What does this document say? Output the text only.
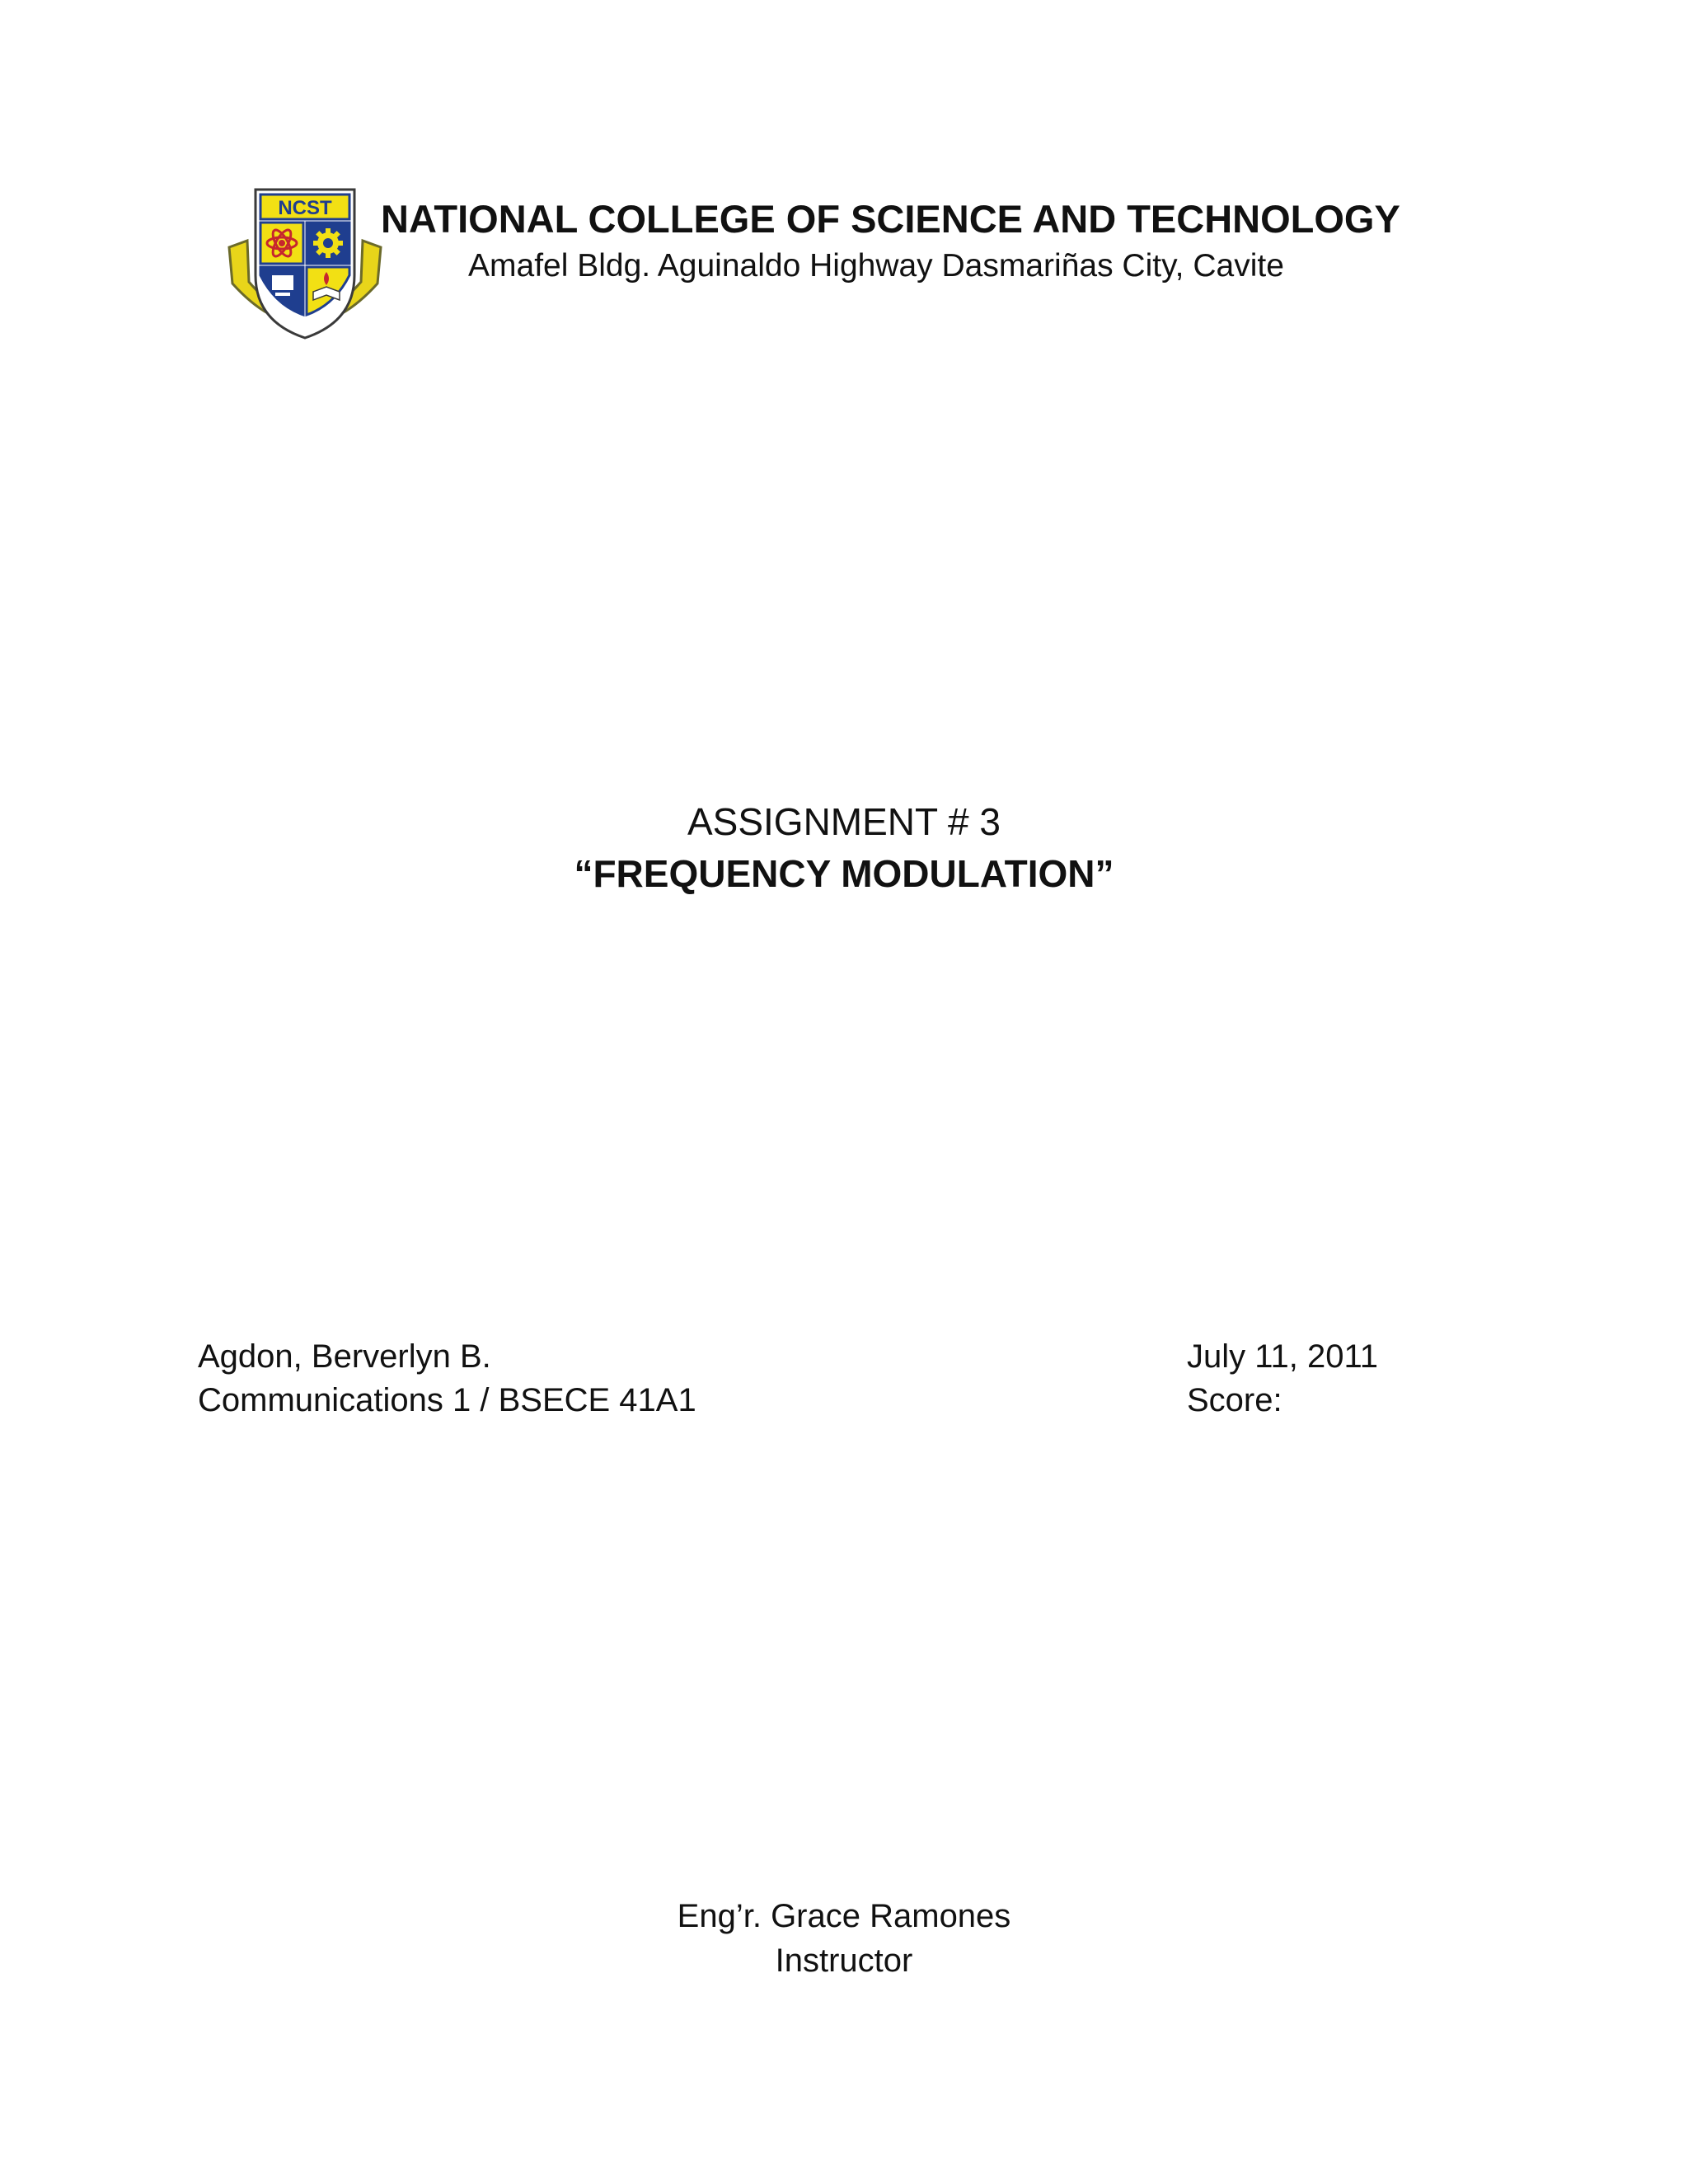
NCST NATIONAL COLLEGE OF SCIENCE AND TECHNOLOGY
Amafel Bldg. Aguinaldo Highway Dasmariñas City, Cavite
ASSIGNMENT # 3
“FREQUENCY MODULATION”
Agdon, Berverlyn B.
Communications 1 / BSECE 41A1
July 11, 2011
Score:
Eng’r. Grace Ramones
Instructor
